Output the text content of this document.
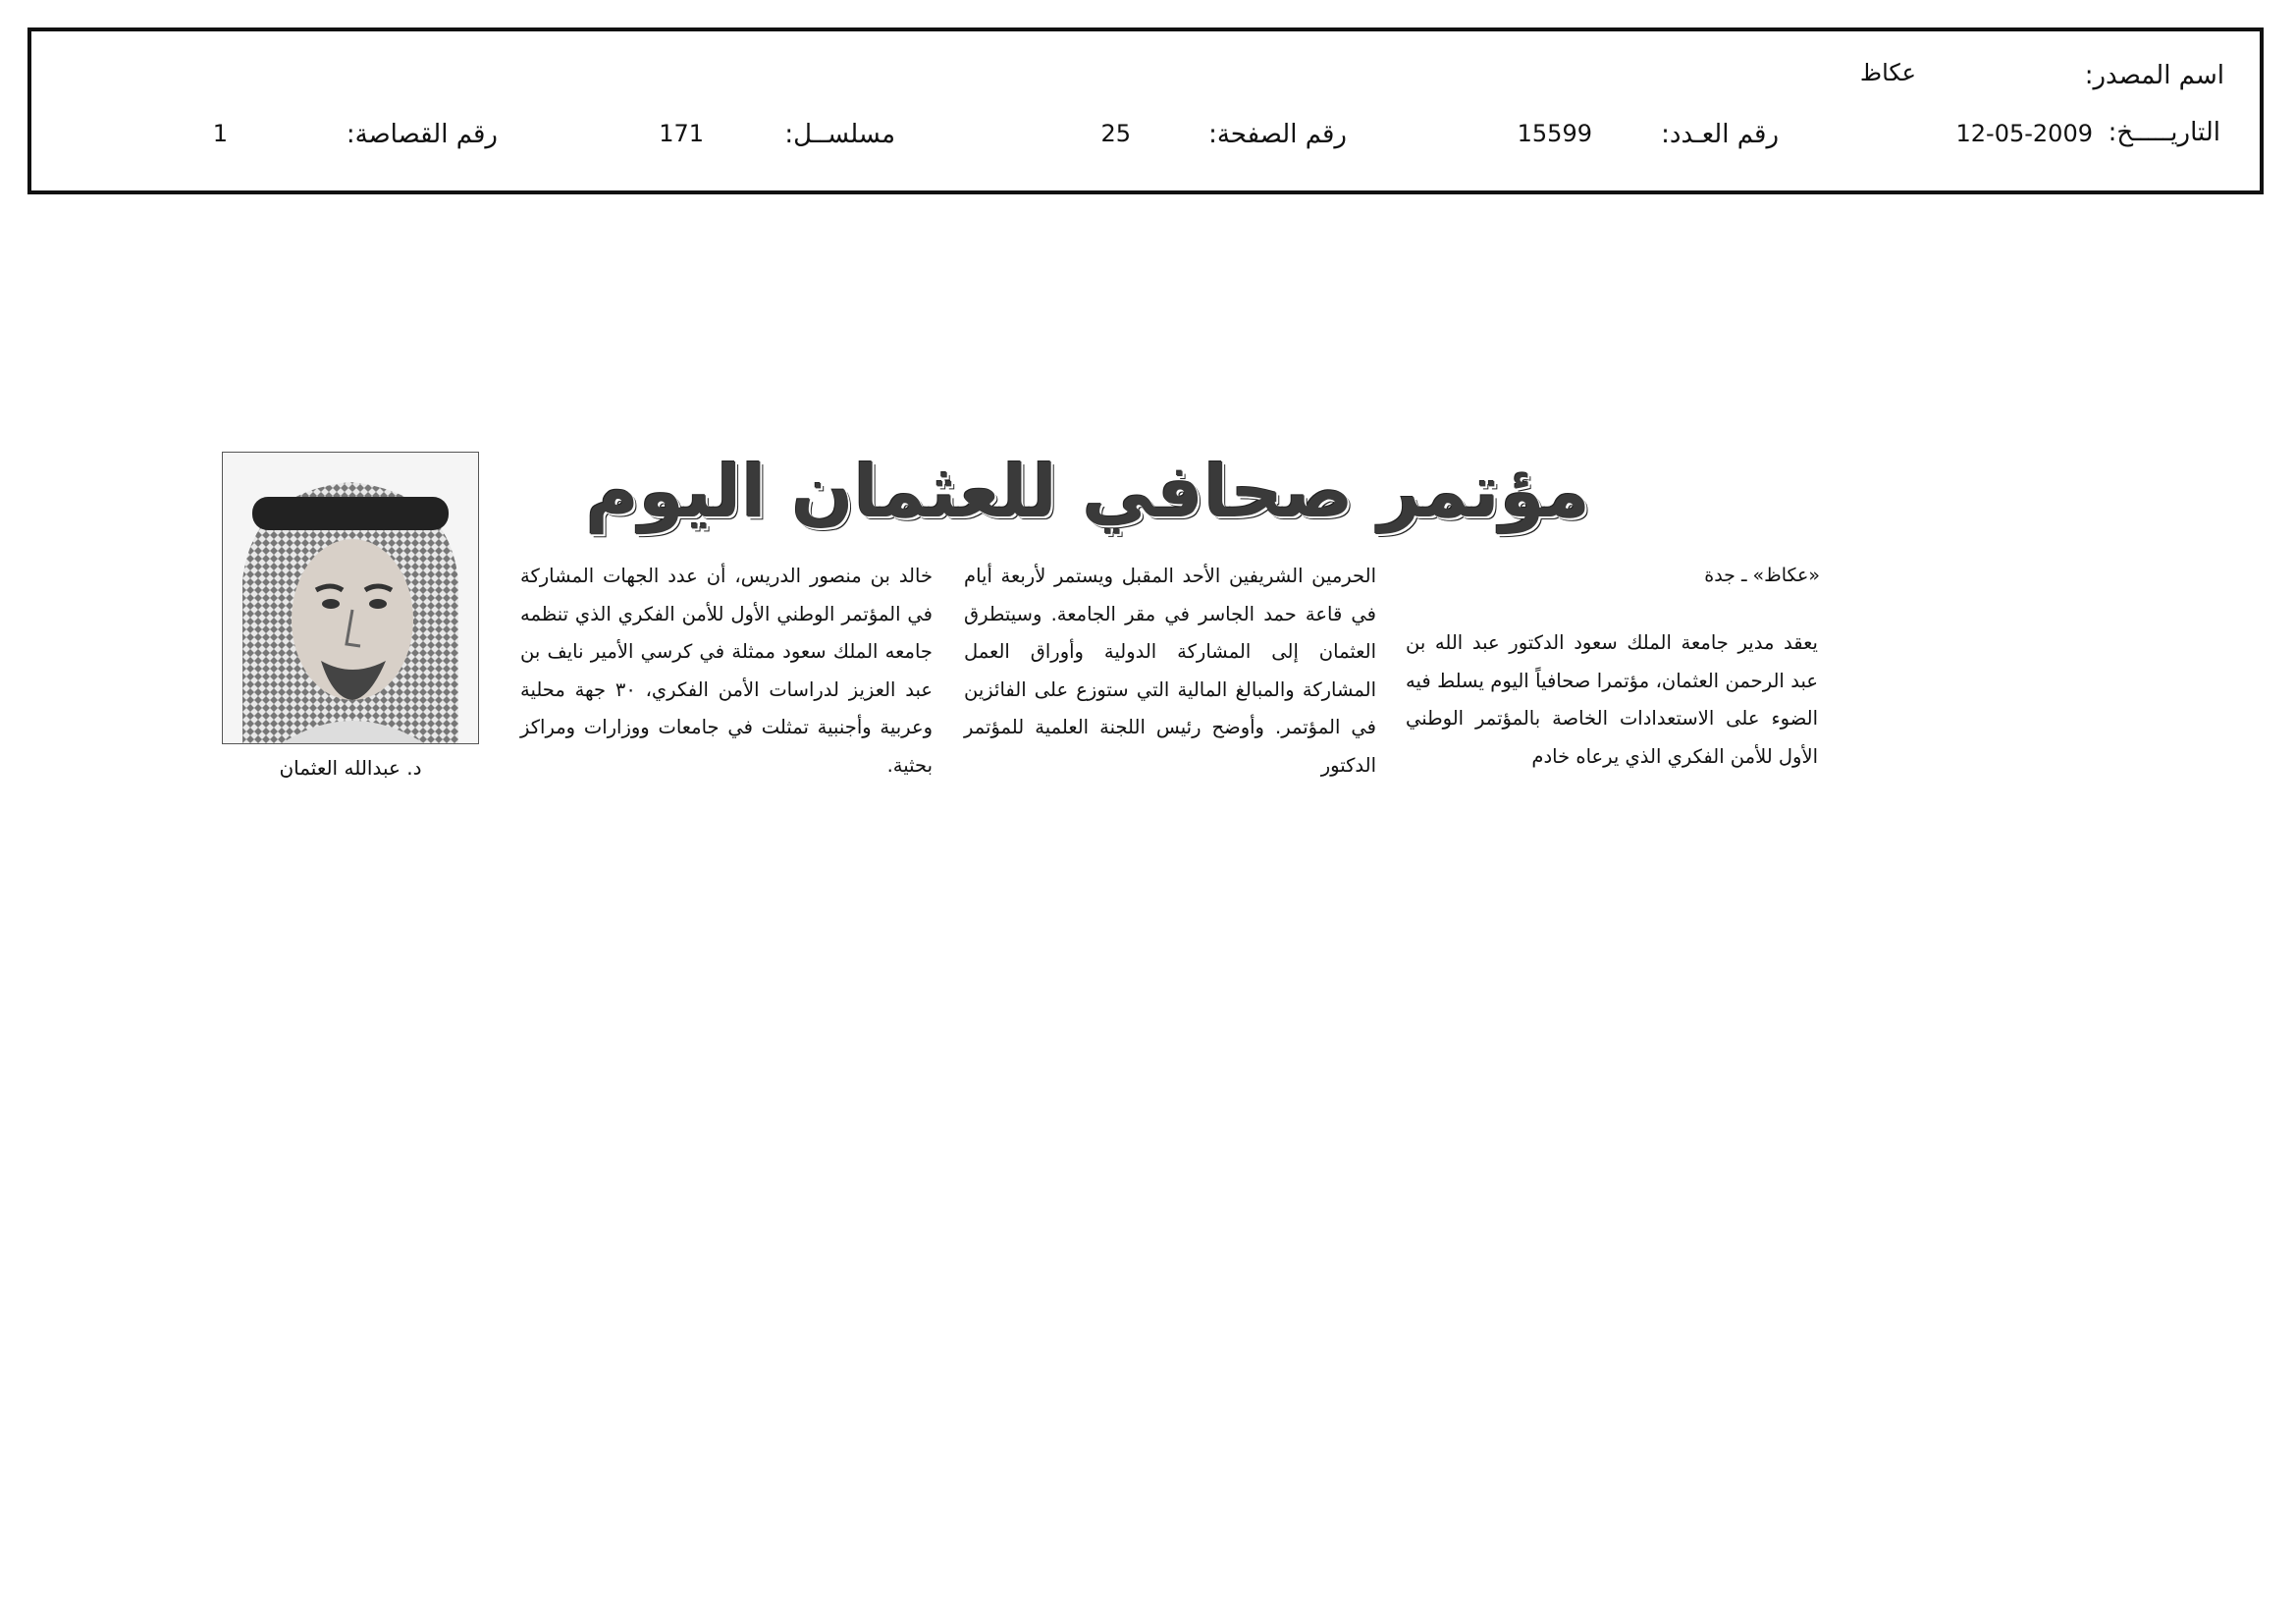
اسم المصدر:
عكاظ
التاريـــــخ:
12-05-2009
رقم العـدد:
15599
رقم الصفحة:
25
مسلســل:
171
رقم القصاصة:
1
مؤتمر صحافي للعثمان اليوم
«عكاظ» ـ جدة

يعقد مدير جامعة الملك سعود الدكتور عبد الله بن عبد الرحمن العثمان، مؤتمرا صحافياً اليوم يسلط فيه الضوء على الاستعدادات الخاصة بالمؤتمر الوطني الأول للأمن الفكري الذي يرعاه خادم

الحرمين الشريفين الأحد المقبل ويستمر لأربعة أيام في قاعة حمد الجاسر في مقر الجامعة. وسيتطرق العثمان إلى المشاركة الدولية وأوراق العمل المشاركة والمبالغ المالية التي ستوزع على الفائزين في المؤتمر. وأوضح رئيس اللجنة العلمية للمؤتمر الدكتور

خالد بن منصور الدريس، أن عدد الجهات المشاركة في المؤتمر الوطني الأول للأمن الفكري الذي تنظمه جامعه الملك سعود ممثلة في كرسي الأمير نايف بن عبد العزيز لدراسات الأمن الفكري، ٣٠ جهة محلية وعربية وأجنبية تمثلت في جامعات ووزارات ومراكز بحثية.

د. عبدالله العثمان
